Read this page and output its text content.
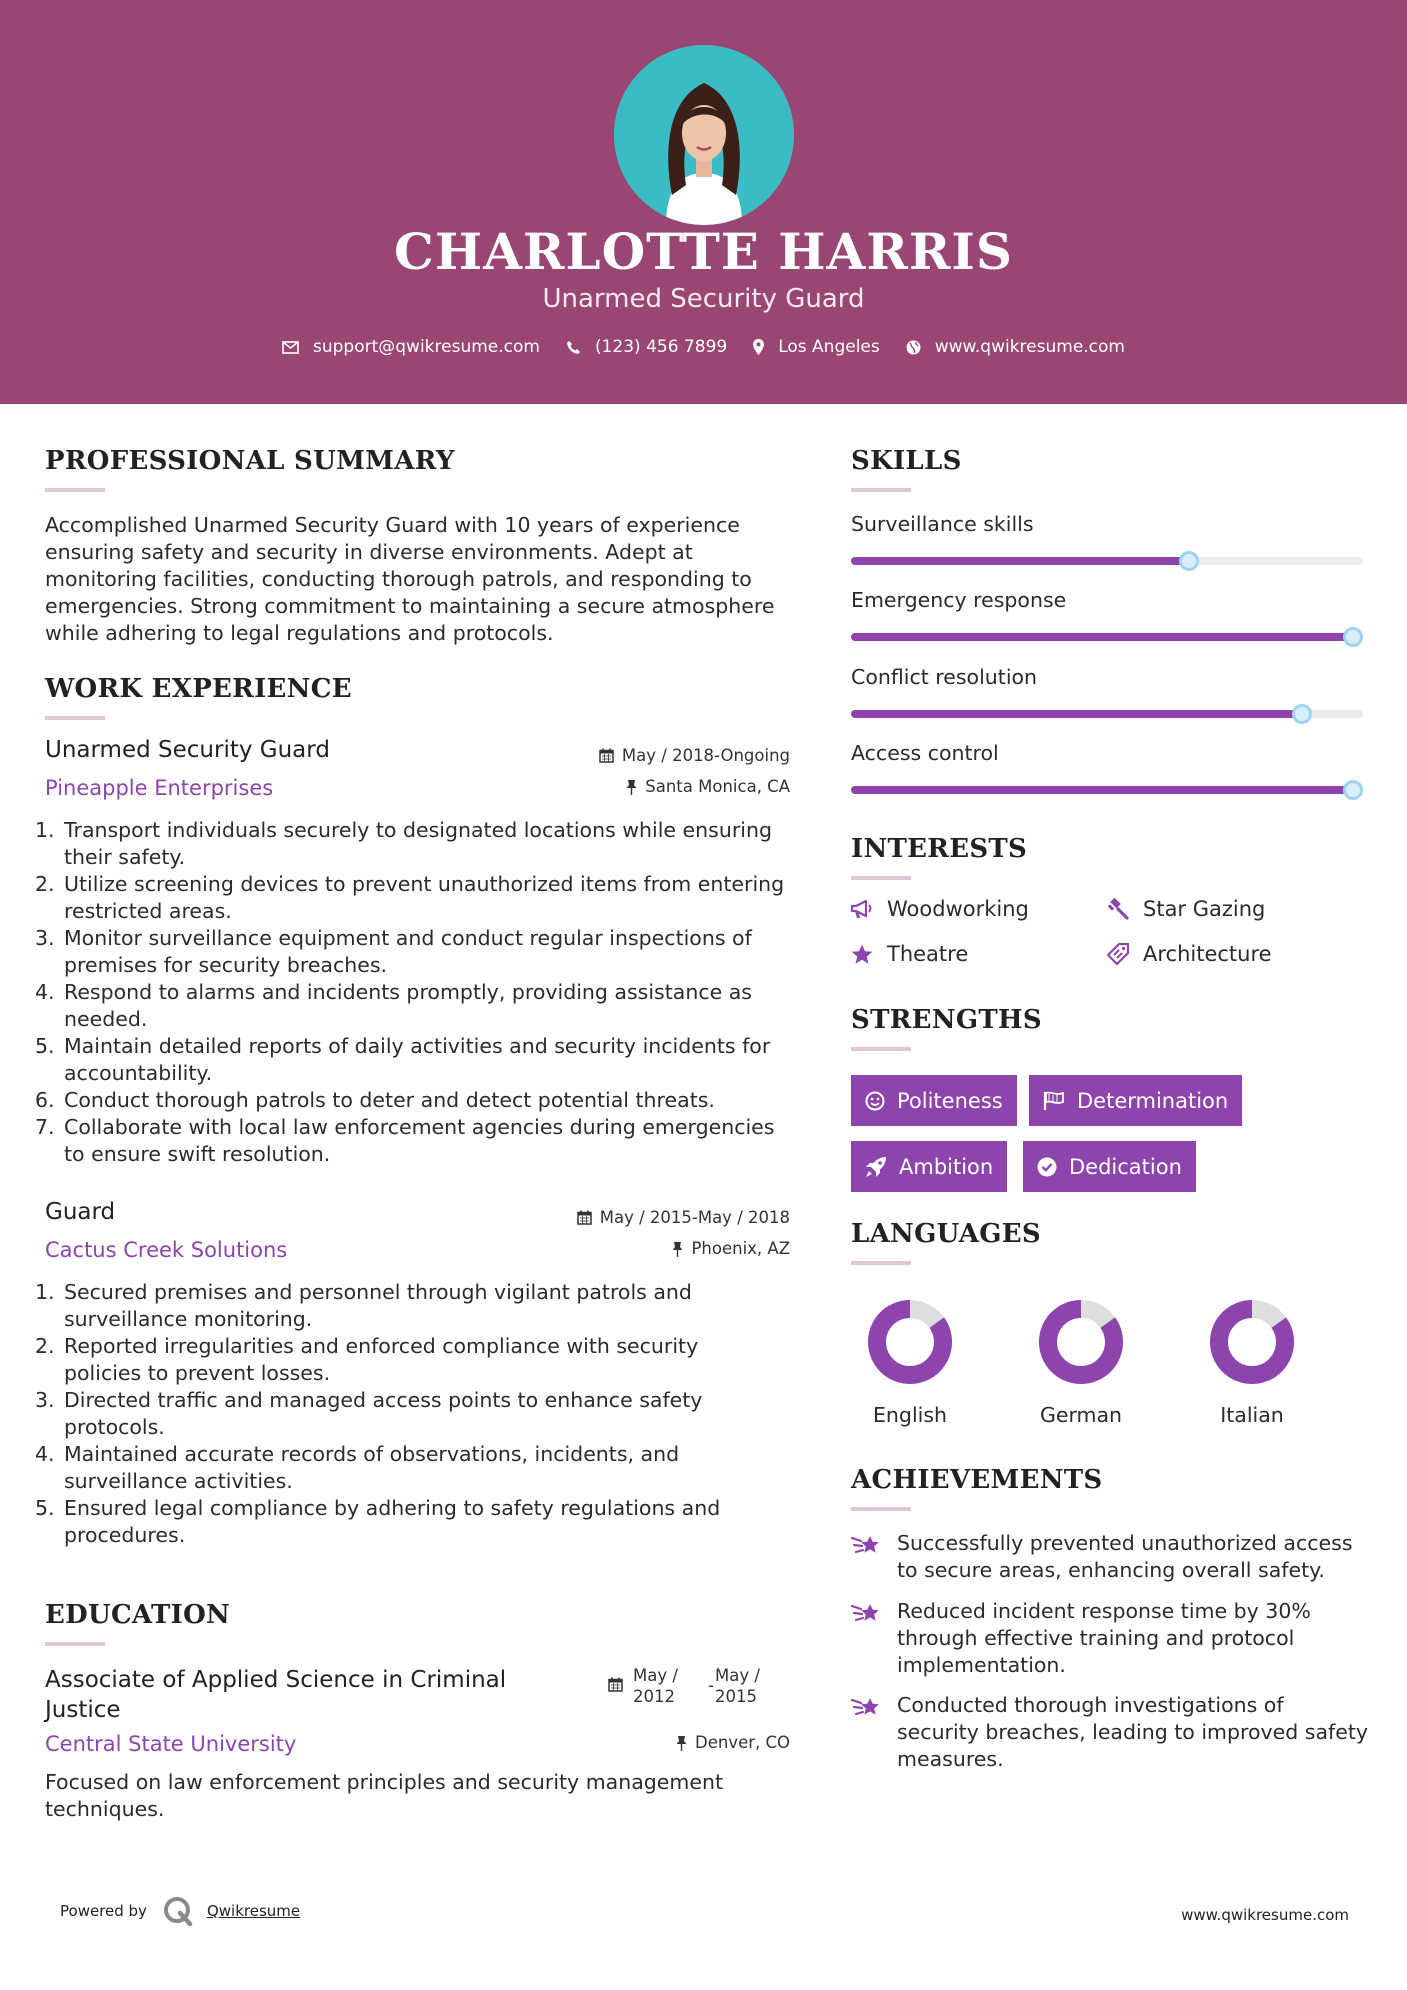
CHARLOTTE HARRIS
Unarmed Security Guard
support@qwikresume.com	(123) 456 7899	Los Angeles	www.qwikresume.com
PROFESSIONAL SUMMARY
Accomplished Unarmed Security Guard with 10 years of experience ensuring safety and security in diverse environments. Adept at monitoring facilities, conducting thorough patrols, and responding to emergencies. Strong commitment to maintaining a secure atmosphere while adhering to legal regulations and protocols.
WORK EXPERIENCE
Unarmed Security Guard	May / 2018-Ongoing
Pineapple Enterprises	Santa Monica, CA
1. Transport individuals securely to designated locations while ensuring their safety.
2. Utilize screening devices to prevent unauthorized items from entering restricted areas.
3. Monitor surveillance equipment and conduct regular inspections of premises for security breaches.
4. Respond to alarms and incidents promptly, providing assistance as needed.
5. Maintain detailed reports of daily activities and security incidents for accountability.
6. Conduct thorough patrols to deter and detect potential threats.
7. Collaborate with local law enforcement agencies during emergencies to ensure swift resolution.
Guard	May / 2015-May / 2018
Cactus Creek Solutions	Phoenix, AZ
1. Secured premises and personnel through vigilant patrols and surveillance monitoring.
2. Reported irregularities and enforced compliance with security policies to prevent losses.
3. Directed traffic and managed access points to enhance safety protocols.
4. Maintained accurate records of observations, incidents, and surveillance activities.
5. Ensured legal compliance by adhering to safety regulations and procedures.
EDUCATION
Associate of Applied Science in Criminal Justice
May / 2012
-
May / 2015
Central State University	Denver, CO
Focused on law enforcement principles and security management techniques.
SKILLS
Surveillance skills
Emergency response
Conflict resolution
Access control
INTERESTS
Woodworking	Star Gazing
Theatre	Architecture
STRENGTHS
Politeness	Determination
Ambition	Dedication
LANGUAGES
English	German	Italian
ACHIEVEMENTS
Successfully prevented unauthorized access to secure areas, enhancing overall safety.
Reduced incident response time by 30% through effective training and protocol implementation.
Conducted thorough investigations of security breaches, leading to improved safety measures.
Powered by	Qwikresume	www.qwikresume.com
